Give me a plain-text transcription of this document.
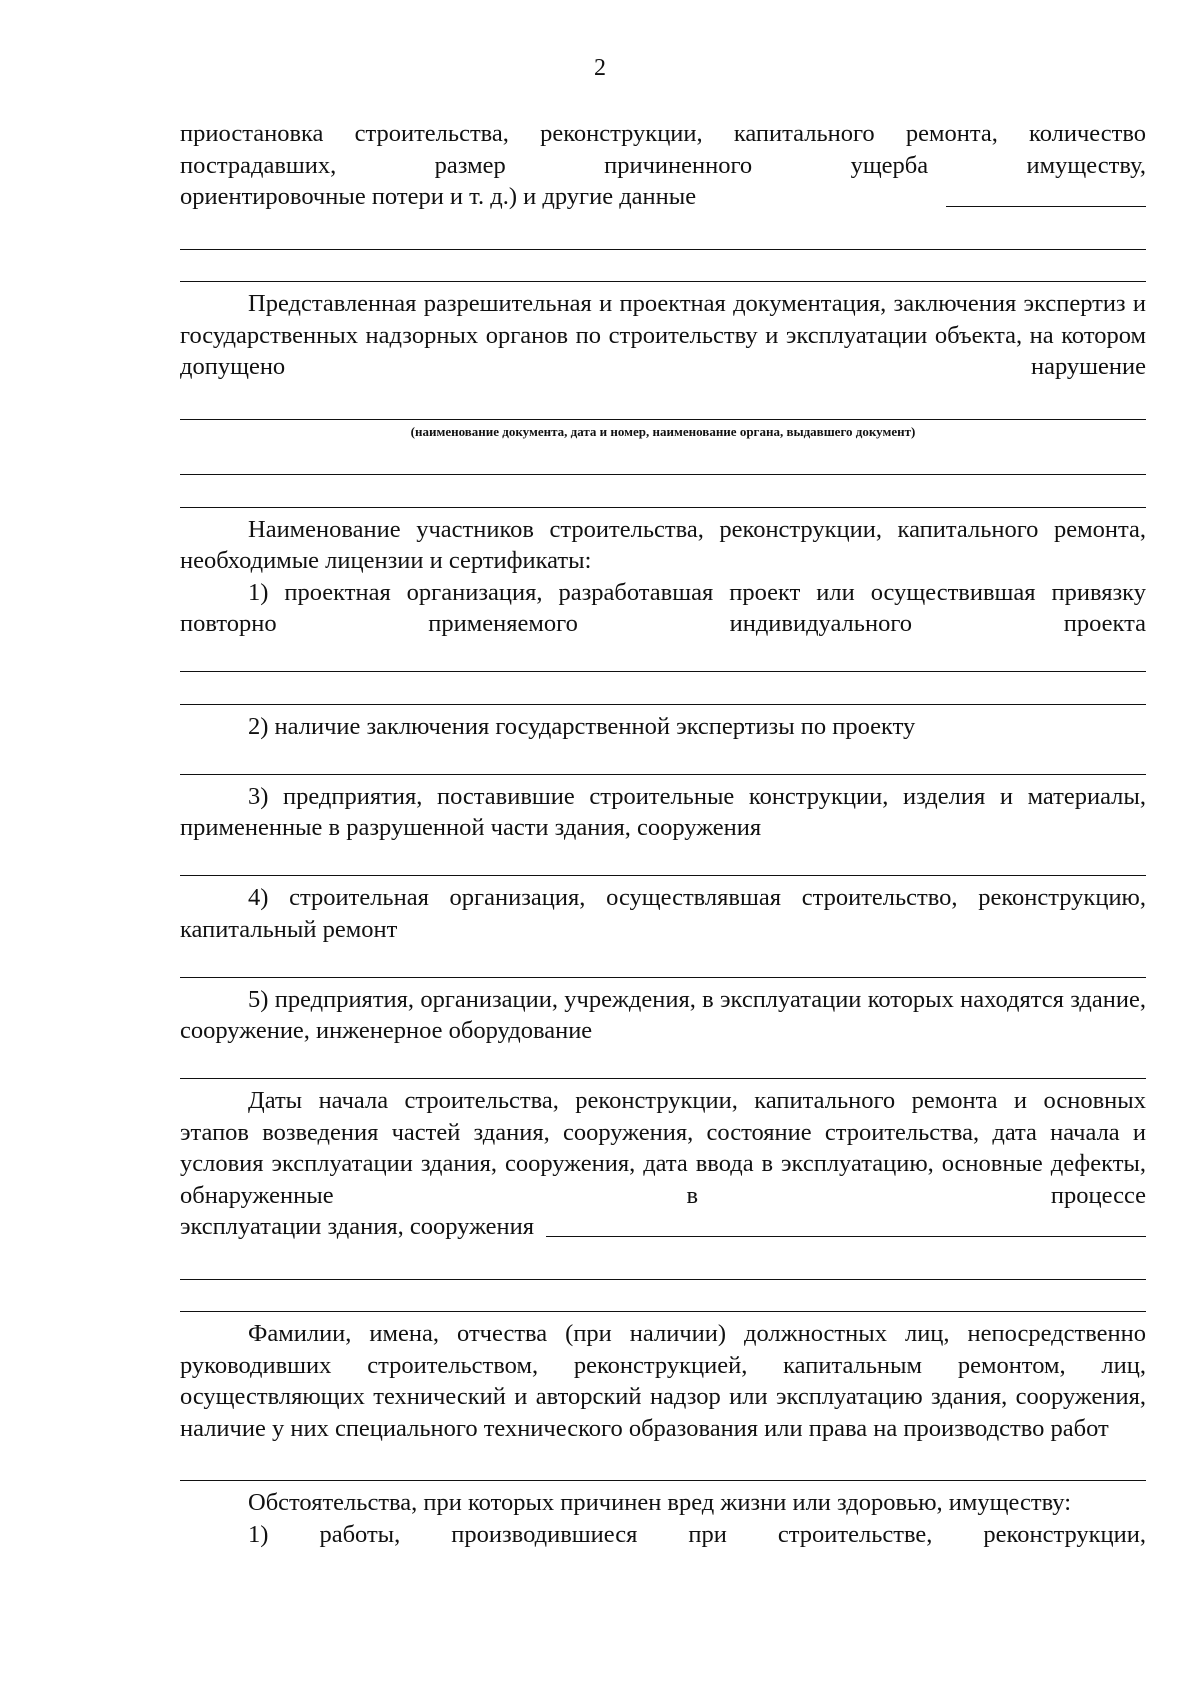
2

приостановка строительства, реконструкции, капитального ремонта, количество пострадавших, размер причиненного ущерба имуществу,

ориентировочные потери и т. д.) и другие данные

Представленная разрешительная и проектная документация, заключения экспертиз и государственных надзорных органов по строительству и эксплуатации объекта, на котором допущено нарушение

(наименование документа, дата и номер, наименование органа, выдавшего документ)

Наименование участников строительства, реконструкции, капитального ремонта, необходимые лицензии и сертификаты:

1) проектная организация, разработавшая проект или осуществившая привязку повторно применяемого индивидуального проекта

2) наличие заключения государственной экспертизы по проекту

3) предприятия, поставившие строительные конструкции, изделия и материалы, примененные в разрушенной части здания, сооружения

4) строительная организация, осуществлявшая строительство, реконструкцию, капитальный ремонт

5) предприятия, организации, учреждения, в эксплуатации которых находятся здание, сооружение, инженерное оборудование

Даты начала строительства, реконструкции, капитального ремонта и основных этапов возведения частей здания, сооружения, состояние строительства, дата начала и условия эксплуатации здания, сооружения, дата ввода в эксплуатацию, основные дефекты, обнаруженные в процессе

эксплуатации здания, сооружения

Фамилии, имена, отчества (при наличии) должностных лиц, непосредственно руководивших строительством, реконструкцией, капитальным ремонтом, лиц, осуществляющих технический и авторский надзор или эксплуатацию здания, сооружения, наличие у них специального технического образования или права на производство работ

Обстоятельства, при которых причинен вред жизни или здоровью, имуществу:

1) работы, производившиеся при строительстве, реконструкции,
